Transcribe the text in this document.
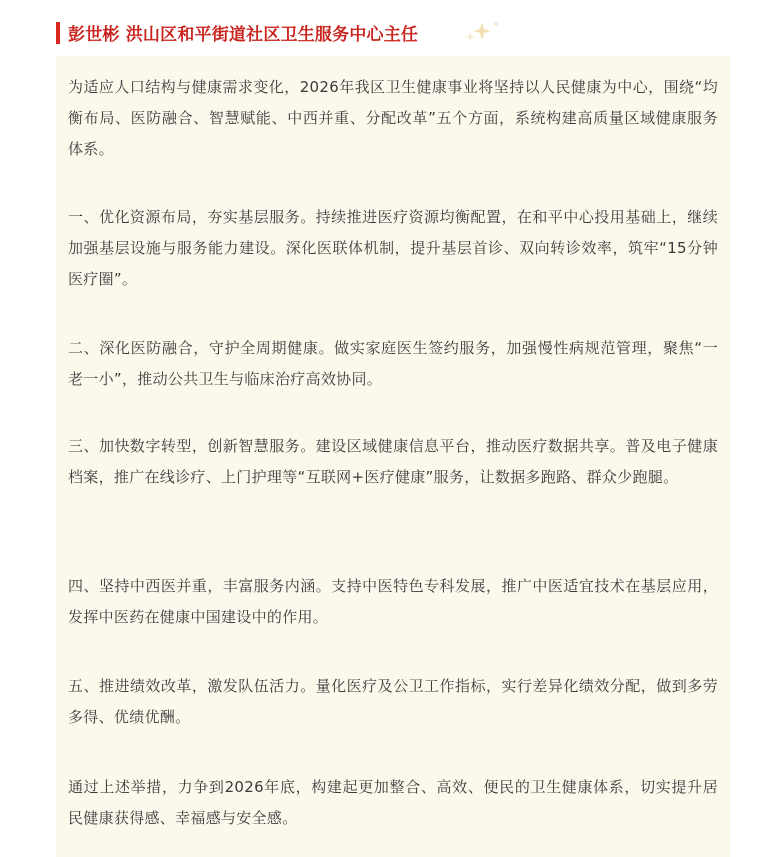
彭世彬 洪山区和平街道社区卫生服务中心主任

为适应人口结构与健康需求变化，2026年我区卫生健康事业将坚持以人民健康为中心，围绕“均衡布局、医防融合、智慧赋能、中西并重、分配改革”五个方面，系统构建高质量区域健康服务体系。

一、优化资源布局，夯实基层服务。持续推进医疗资源均衡配置，在和平中心投用基础上，继续加强基层设施与服务能力建设。深化医联体机制，提升基层首诊、双向转诊效率，筑牢“15分钟医疗圈”。

二、深化医防融合，守护全周期健康。做实家庭医生签约服务，加强慢性病规范管理，聚焦“一老一小”，推动公共卫生与临床治疗高效协同。

三、加快数字转型，创新智慧服务。建设区域健康信息平台，推动医疗数据共享。普及电子健康档案，推广在线诊疗、上门护理等“互联网+医疗健康”服务，让数据多跑路、群众少跑腿。

四、坚持中西医并重，丰富服务内涵。支持中医特色专科发展，推广中医适宜技术在基层应用，发挥中医药在健康中国建设中的作用。

五、推进绩效改革，激发队伍活力。量化医疗及公卫工作指标，实行差异化绩效分配，做到多劳多得、优绩优酬。

通过上述举措，力争到2026年底，构建起更加整合、高效、便民的卫生健康体系，切实提升居民健康获得感、幸福感与安全感。
